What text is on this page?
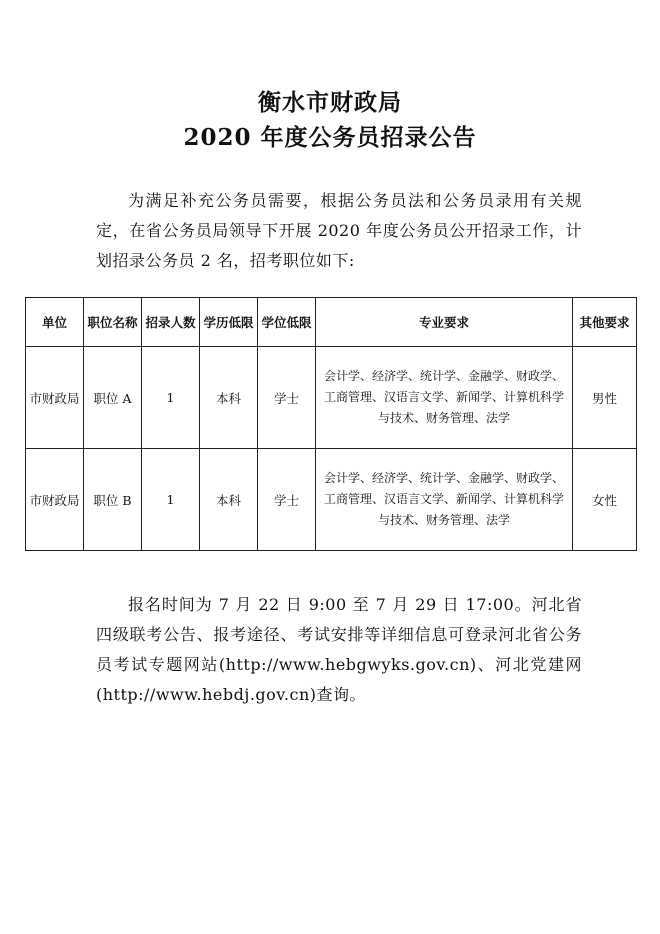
衡水市财政局
2020 年度公务员招录公告

为满足补充公务员需要，根据公务员法和公务员录用有关规定，在省公务员局领导下开展 2020 年度公务员公开招录工作，计划招录公务员 2 名，招考职位如下:

单位	职位名称	招录人数	学历低限	学位低限	专业要求	其他要求
市财政局	职位 A	1	本科	学士	会计学、经济学、统计学、金融学、财政学、工商管理、汉语言文学、新闻学、计算机科学与技术、财务管理、法学	男性
市财政局	职位 B	1	本科	学士	会计学、经济学、统计学、金融学、财政学、工商管理、汉语言文学、新闻学、计算机科学与技术、财务管理、法学	女性

报名时间为 7 月 22 日 9:00 至 7 月 29 日 17:00。河北省四级联考公告、报考途径、考试安排等详细信息可登录河北省公务员考试专题网站(http://www.hebgwyks.gov.cn)、河北党建网(http://www.hebdj.gov.cn)查询。
